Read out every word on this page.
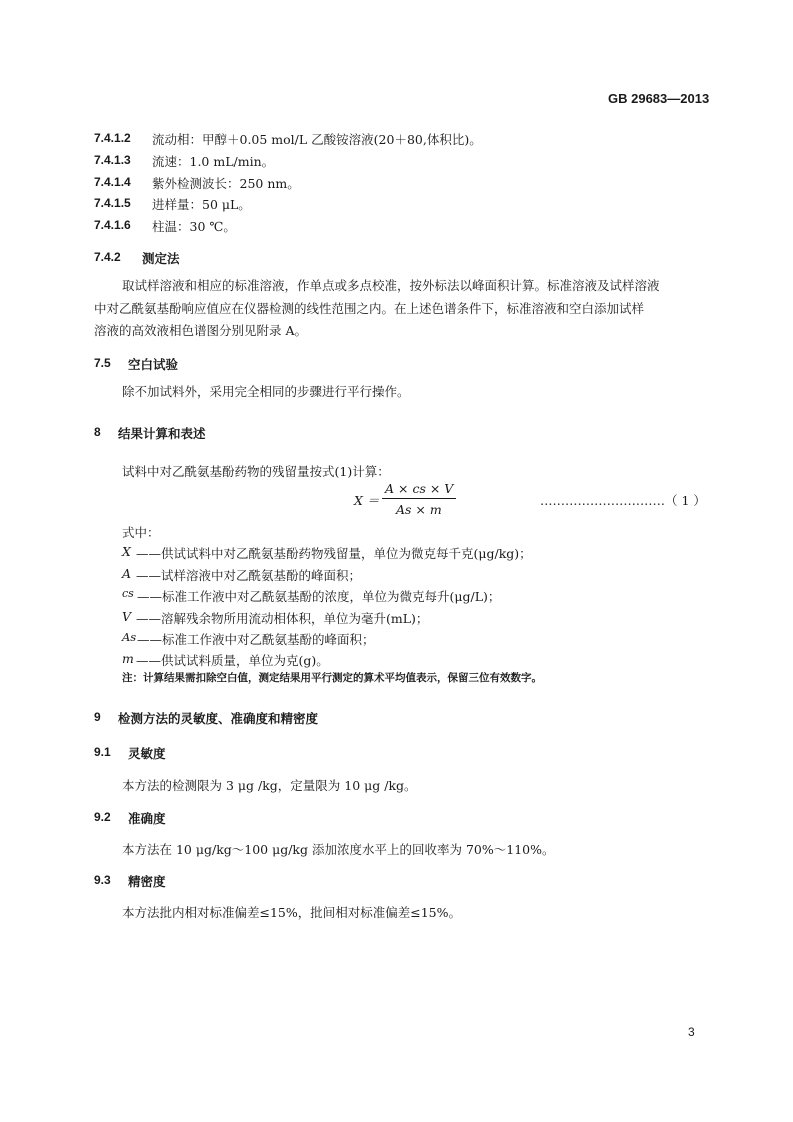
GB 29683—2013
7.4.1.2 流动相：甲醇＋0.05 mol/L 乙酸铵溶液(20＋80,体积比)。
7.4.1.3 流速：1.0 mL/min。
7.4.1.4 紫外检测波长：250 nm。
7.4.1.5 进样量：50 μL。
7.4.1.6 柱温：30 ℃。
7.4.2 测定法
取试样溶液和相应的标准溶液，作单点或多点校准，按外标法以峰面积计算。标准溶液及试样溶液
中对乙酰氨基酚响应值应在仪器检测的线性范围之内。在上述色谱条件下，标准溶液和空白添加试样
溶液的高效液相色谱图分别见附录 A。
7.5 空白试验
除不加试料外，采用完全相同的步骤进行平行操作。
8 结果计算和表述
试料中对乙酰氨基酚药物的残留量按式(1)计算：
X ＝
A × cs × V
As × m
…………………………（ 1 ）
式中：
X ——供试试料中对乙酰氨基酚药物残留量，单位为微克每千克(μg/kg)；
A ——试样溶液中对乙酰氨基酚的峰面积；
cs ——标准工作液中对乙酰氨基酚的浓度，单位为微克每升(μg/L)；
V ——溶解残余物所用流动相体积，单位为毫升(mL)；
As ——标准工作液中对乙酰氨基酚的峰面积；
m ——供试试料质量，单位为克(g)。
注：计算结果需扣除空白值，测定结果用平行测定的算术平均值表示，保留三位有效数字。
9 检测方法的灵敏度、准确度和精密度
9.1 灵敏度
本方法的检测限为 3 μg /kg，定量限为 10 μg /kg。
9.2 准确度
本方法在 10 μg/kg～100 μg/kg 添加浓度水平上的回收率为 70%～110%。
9.3 精密度
本方法批内相对标准偏差≤15%，批间相对标准偏差≤15%。
3
